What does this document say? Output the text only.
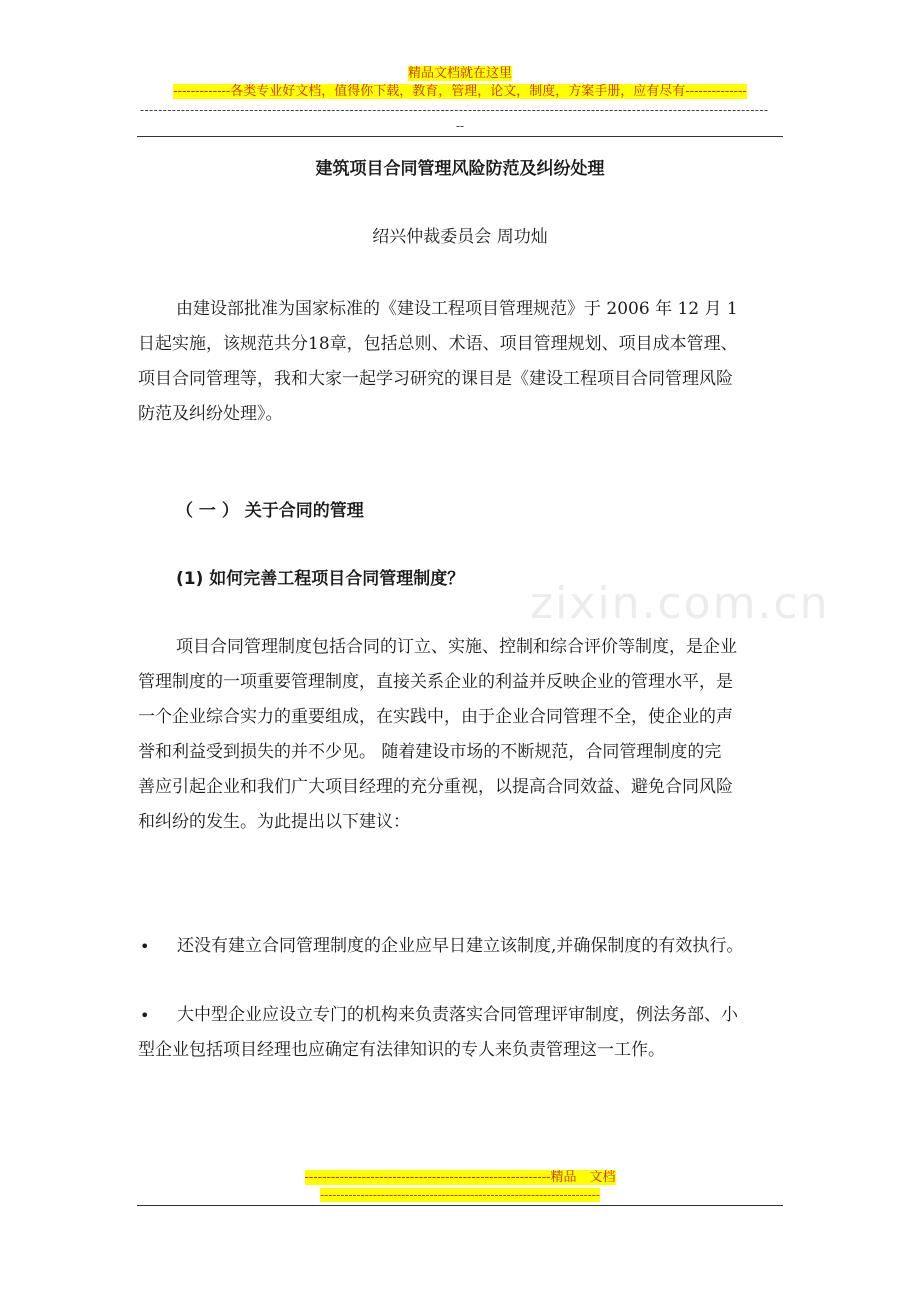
精品文档就在这里
-------------各类专业好文档，值得你下载，教育，管理，论文，制度，方案手册，应有尽有--------------
------------------------------------------------------------------------------------------------------------------------------------------
--
zixin.com.cn
建筑项目合同管理风险防范及纠纷处理
绍兴仲裁委员会 周功灿
由建设部批准为国家标准的《建设工程项目管理规范》于 2006 年 12 月 1
日起实施，该规范共分18章，包括总则、术语、项目管理规划、项目成本管理、
项目合同管理等，我和大家一起学习研究的课目是《建设工程项目合同管理风险
防范及纠纷处理》。
（ 一 ） 关于合同的管理
(1) 如何完善工程项目合同管理制度？
项目合同管理制度包括合同的订立、实施、控制和综合评价等制度，是企业
管理制度的一项重要管理制度，直接关系企业的利益并反映企业的管理水平，是
一个企业综合实力的重要组成，在实践中，由于企业合同管理不全，使企业的声
誉和利益受到损失的并不少见。 随着建设市场的不断规范，合同管理制度的完
善应引起企业和我们广大项目经理的充分重视，以提高合同效益、避免合同风险
和纠纷的发生。为此提出以下建议：
• 还没有建立合同管理制度的企业应早日建立该制度,并确保制度的有效执行。
•	大中型企业应设立专门的机构来负责落实合同管理评审制度，例法务部、小
型企业包括项目经理也应确定有法律知识的专人来负责管理这一工作。
--------------------------------------------------------精品　文档
---------------------------------------------------------------------
